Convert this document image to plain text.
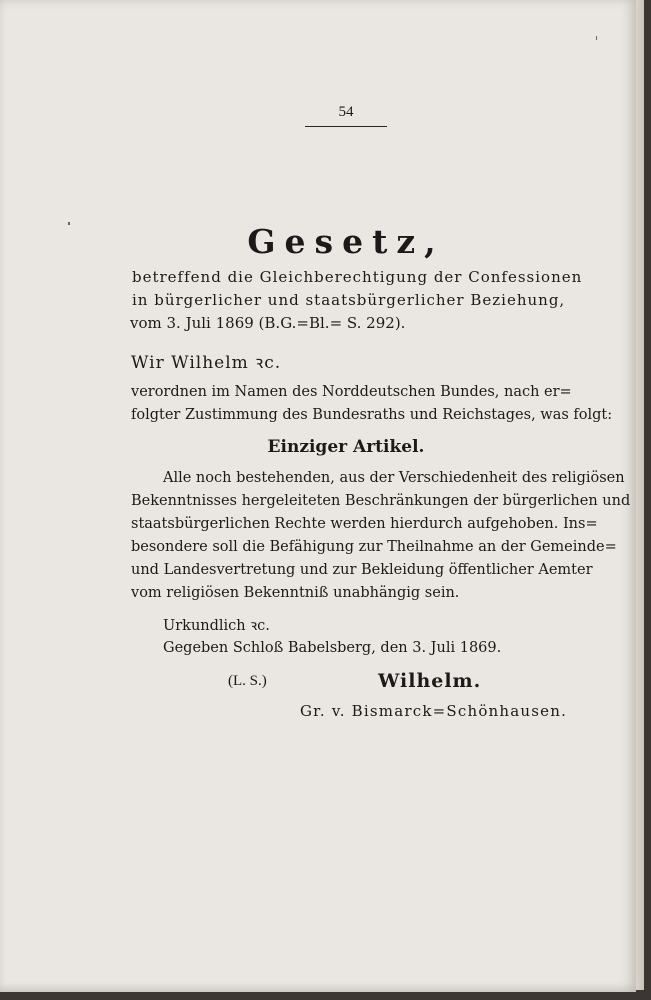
54
Gesetz,
betreffend die Gleichberechtigung der Confessionen
in bürgerlicher und staatsbürgerlicher Beziehung,
vom 3. Juli 1869 (B.G.=Bl.= S. 292).
Wir Wilhelm ꝛc.
verordnen im Namen des Norddeutschen Bundes, nach er=
folgter Zustimmung des Bundesraths und Reichstages, was folgt:
Einziger Artikel.
Alle noch bestehenden, aus der Verschiedenheit des religiösen
Bekenntnisses hergeleiteten Beschränkungen der bürgerlichen und
staatsbürgerlichen Rechte werden hierdurch aufgehoben. Ins=
besondere soll die Befähigung zur Theilnahme an der Gemeinde=
und Landesvertretung und zur Bekleidung öffentlicher Aemter
vom religiösen Bekenntniß unabhängig sein.
Urkundlich ꝛc.
Gegeben Schloß Babelsberg, den 3. Juli 1869.
(L. S.)	Wilhelm.
Gr. v. Bismarck=Schönhausen.
